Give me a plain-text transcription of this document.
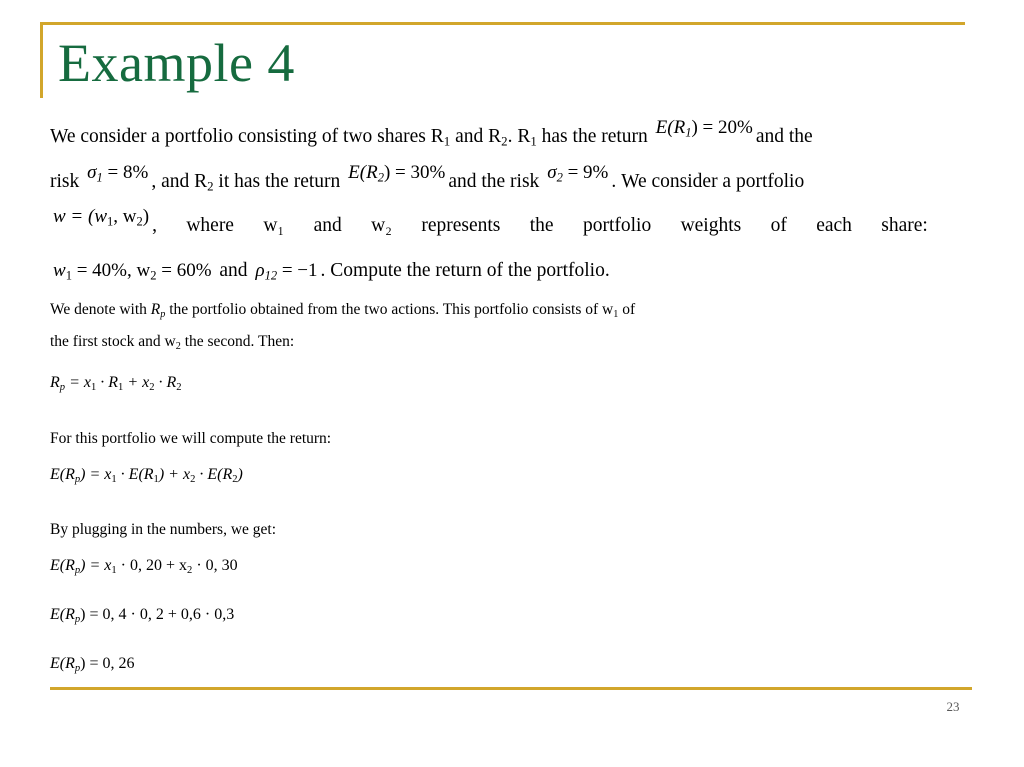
Example 4
We consider a portfolio consisting of two shares $R_1$ and $R_2$. $R_1$ has the return $E(R_1) = 20\%$ and the
risk $\sigma_1 = 8\%$ , and $R_2$ it has the return $E(R_2) = 30\%$ and the risk $\sigma_2 = 9\%$ . We consider a portfolio
$w = (w_1$, $w_2$) , where w₁ and w₂ represents the portfolio weights of each share:
$w_1 = 40\%$, $w_2 = 60\%$ and $\rho_{12} = -1$ . Compute the return of the portfolio.
We denote with $R_p$ the portfolio obtained from the two actions. This portfolio consists of $w_1$ of
the first stock and $w_2$ the second. Then:
$R_p = x_1 \cdot R_1 + x_2 \cdot R_2$
For this portfolio we will compute the return:
$E(R_p) = x_1 \cdot E(R_1) + x_2 \cdot E(R_2)$
By plugging in the numbers, we get:
$E(R_p) = x_1 \cdot 0$, $20 + x_2 \cdot 0$, 30
$E(R_p) = 0$, 4 · 0, 2 + 0,6 · 0,3
$E(R_p) = 0$, 26
23
